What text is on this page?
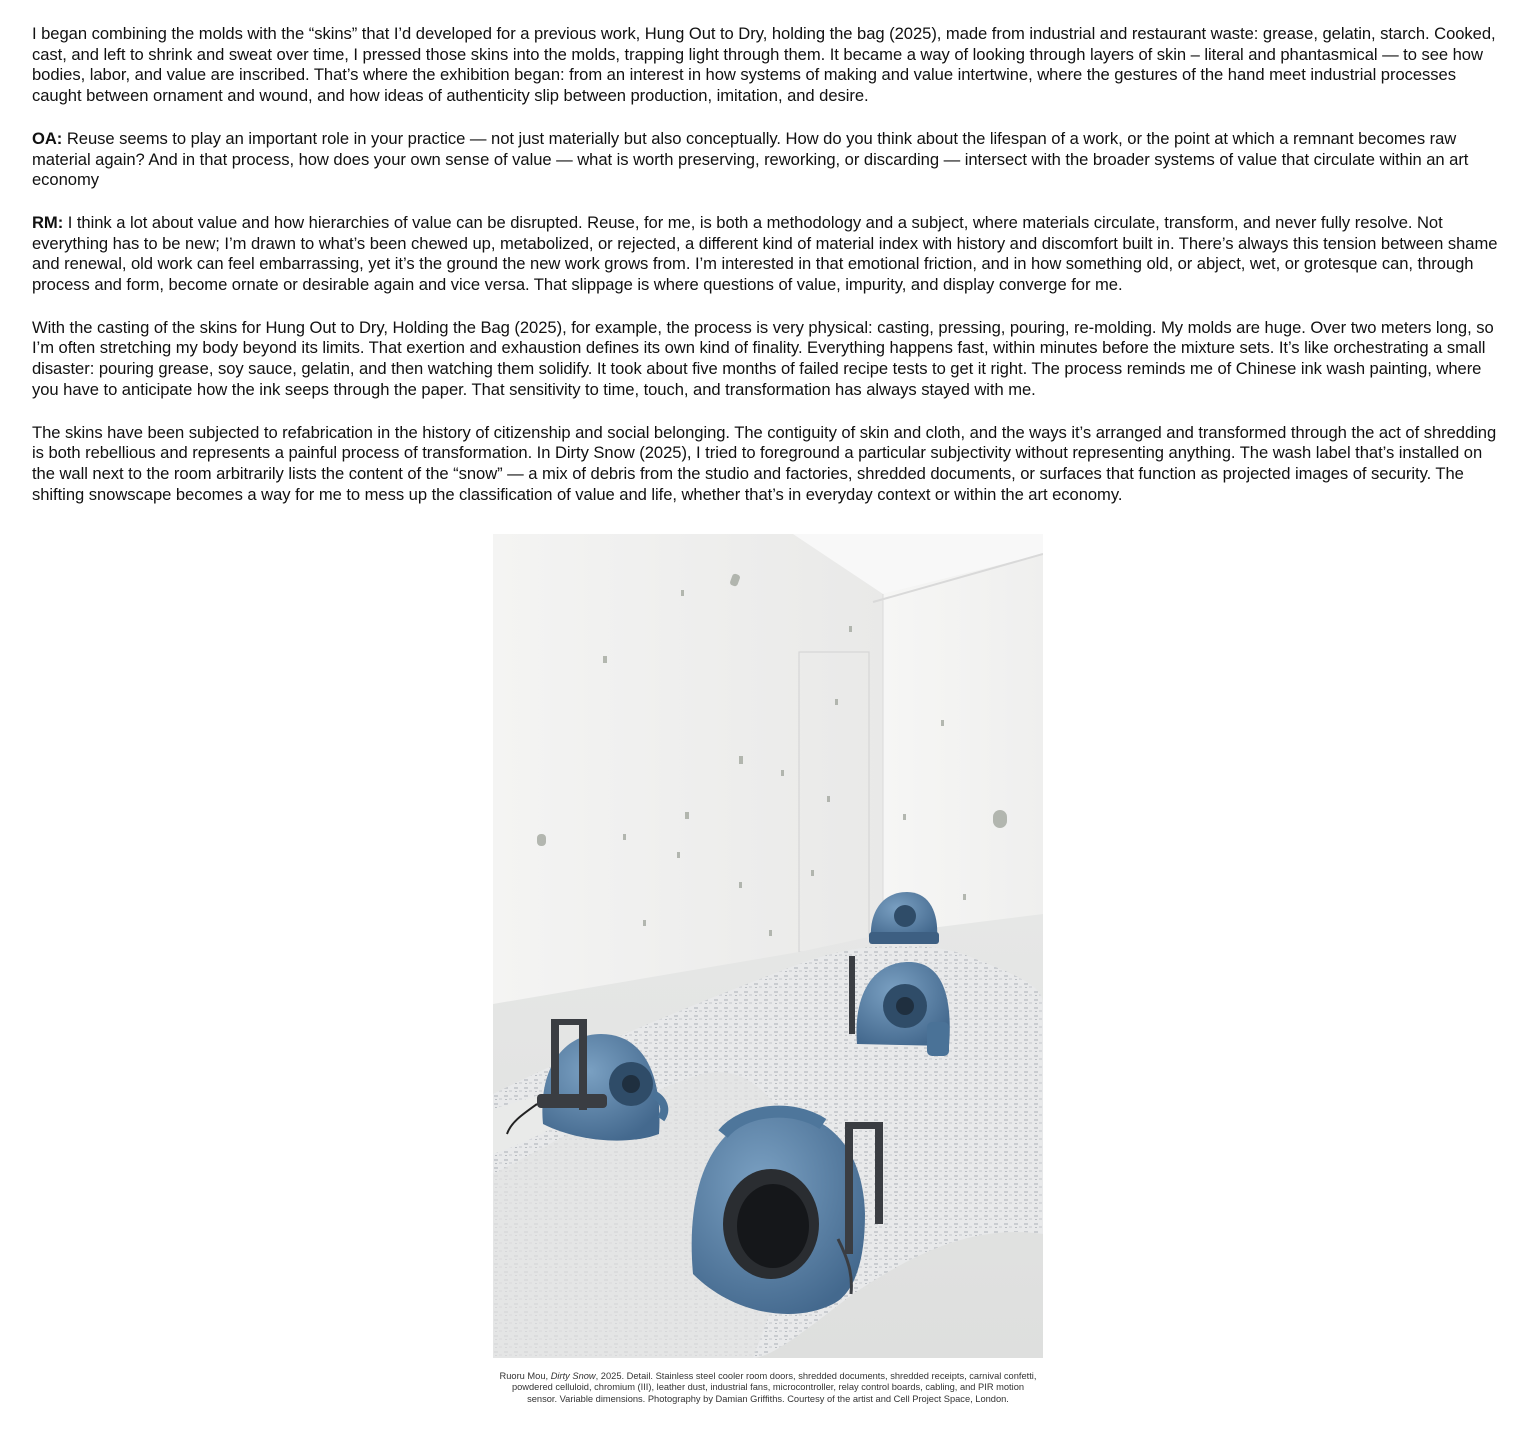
I began combining the molds with the “skins” that I’d developed for a previous work, Hung Out to Dry, holding the bag (2025), made from industrial and restaurant waste: grease, gelatin, starch. Cooked, cast, and left to shrink and sweat over time, I pressed those skins into the molds, trapping light through them. It became a way of looking through layers of skin – literal and phantasmical — to see how bodies, labor, and value are inscribed. That’s where the exhibition began: from an interest in how systems of making and value intertwine, where the gestures of the hand meet industrial processes caught between ornament and wound, and how ideas of authenticity slip between production, imitation, and desire.

OA: Reuse seems to play an important role in your practice — not just materially but also conceptually. How do you think about the lifespan of a work, or the point at which a remnant becomes raw material again? And in that process, how does your own sense of value — what is worth preserving, reworking, or discarding — intersect with the broader systems of value that circulate within an art economy

RM: I think a lot about value and how hierarchies of value can be disrupted. Reuse, for me, is both a methodology and a subject, where materials circulate, transform, and never fully resolve. Not everything has to be new; I’m drawn to what’s been chewed up, metabolized, or rejected, a different kind of material index with history and discomfort built in. There’s always this tension between shame and renewal, old work can feel embarrassing, yet it’s the ground the new work grows from. I’m interested in that emotional friction, and in how something old, or abject, wet, or grotesque can, through process and form, become ornate or desirable again and vice versa. That slippage is where questions of value, impurity, and display converge for me.

With the casting of the skins for Hung Out to Dry, Holding the Bag (2025), for example, the process is very physical: casting, pressing, pouring, re-molding. My molds are huge. Over two meters long, so I’m often stretching my body beyond its limits. That exertion and exhaustion defines its own kind of finality. Everything happens fast, within minutes before the mixture sets. It’s like orchestrating a small disaster: pouring grease, soy sauce, gelatin, and then watching them solidify. It took about five months of failed recipe tests to get it right. The process reminds me of Chinese ink wash painting, where you have to anticipate how the ink seeps through the paper. That sensitivity to time, touch, and transformation has always stayed with me.

The skins have been subjected to refabrication in the history of citizenship and social belonging. The contiguity of skin and cloth, and the ways it’s arranged and transformed through the act of shredding is both rebellious and represents a painful process of transformation. In Dirty Snow (2025), I tried to foreground a particular subjectivity without representing anything. The wash label that’s installed on the wall next to the room arbitrarily lists the content of the “snow” — a mix of debris from the studio and factories, shredded documents, or surfaces that function as projected images of security. The shifting snowscape becomes a way for me to mess up the classification of value and life, whether that’s in everyday context or within the art economy.

Ruoru Mou, Dirty Snow, 2025. Detail. Stainless steel cooler room doors, shredded documents, shredded receipts, carnival confetti, powdered celluloid, chromium (III), leather dust, industrial fans, microcontroller, relay control boards, cabling, and PIR motion sensor. Variable dimensions. Photography by Damian Griffiths. Courtesy of the artist and Cell Project Space, London.
